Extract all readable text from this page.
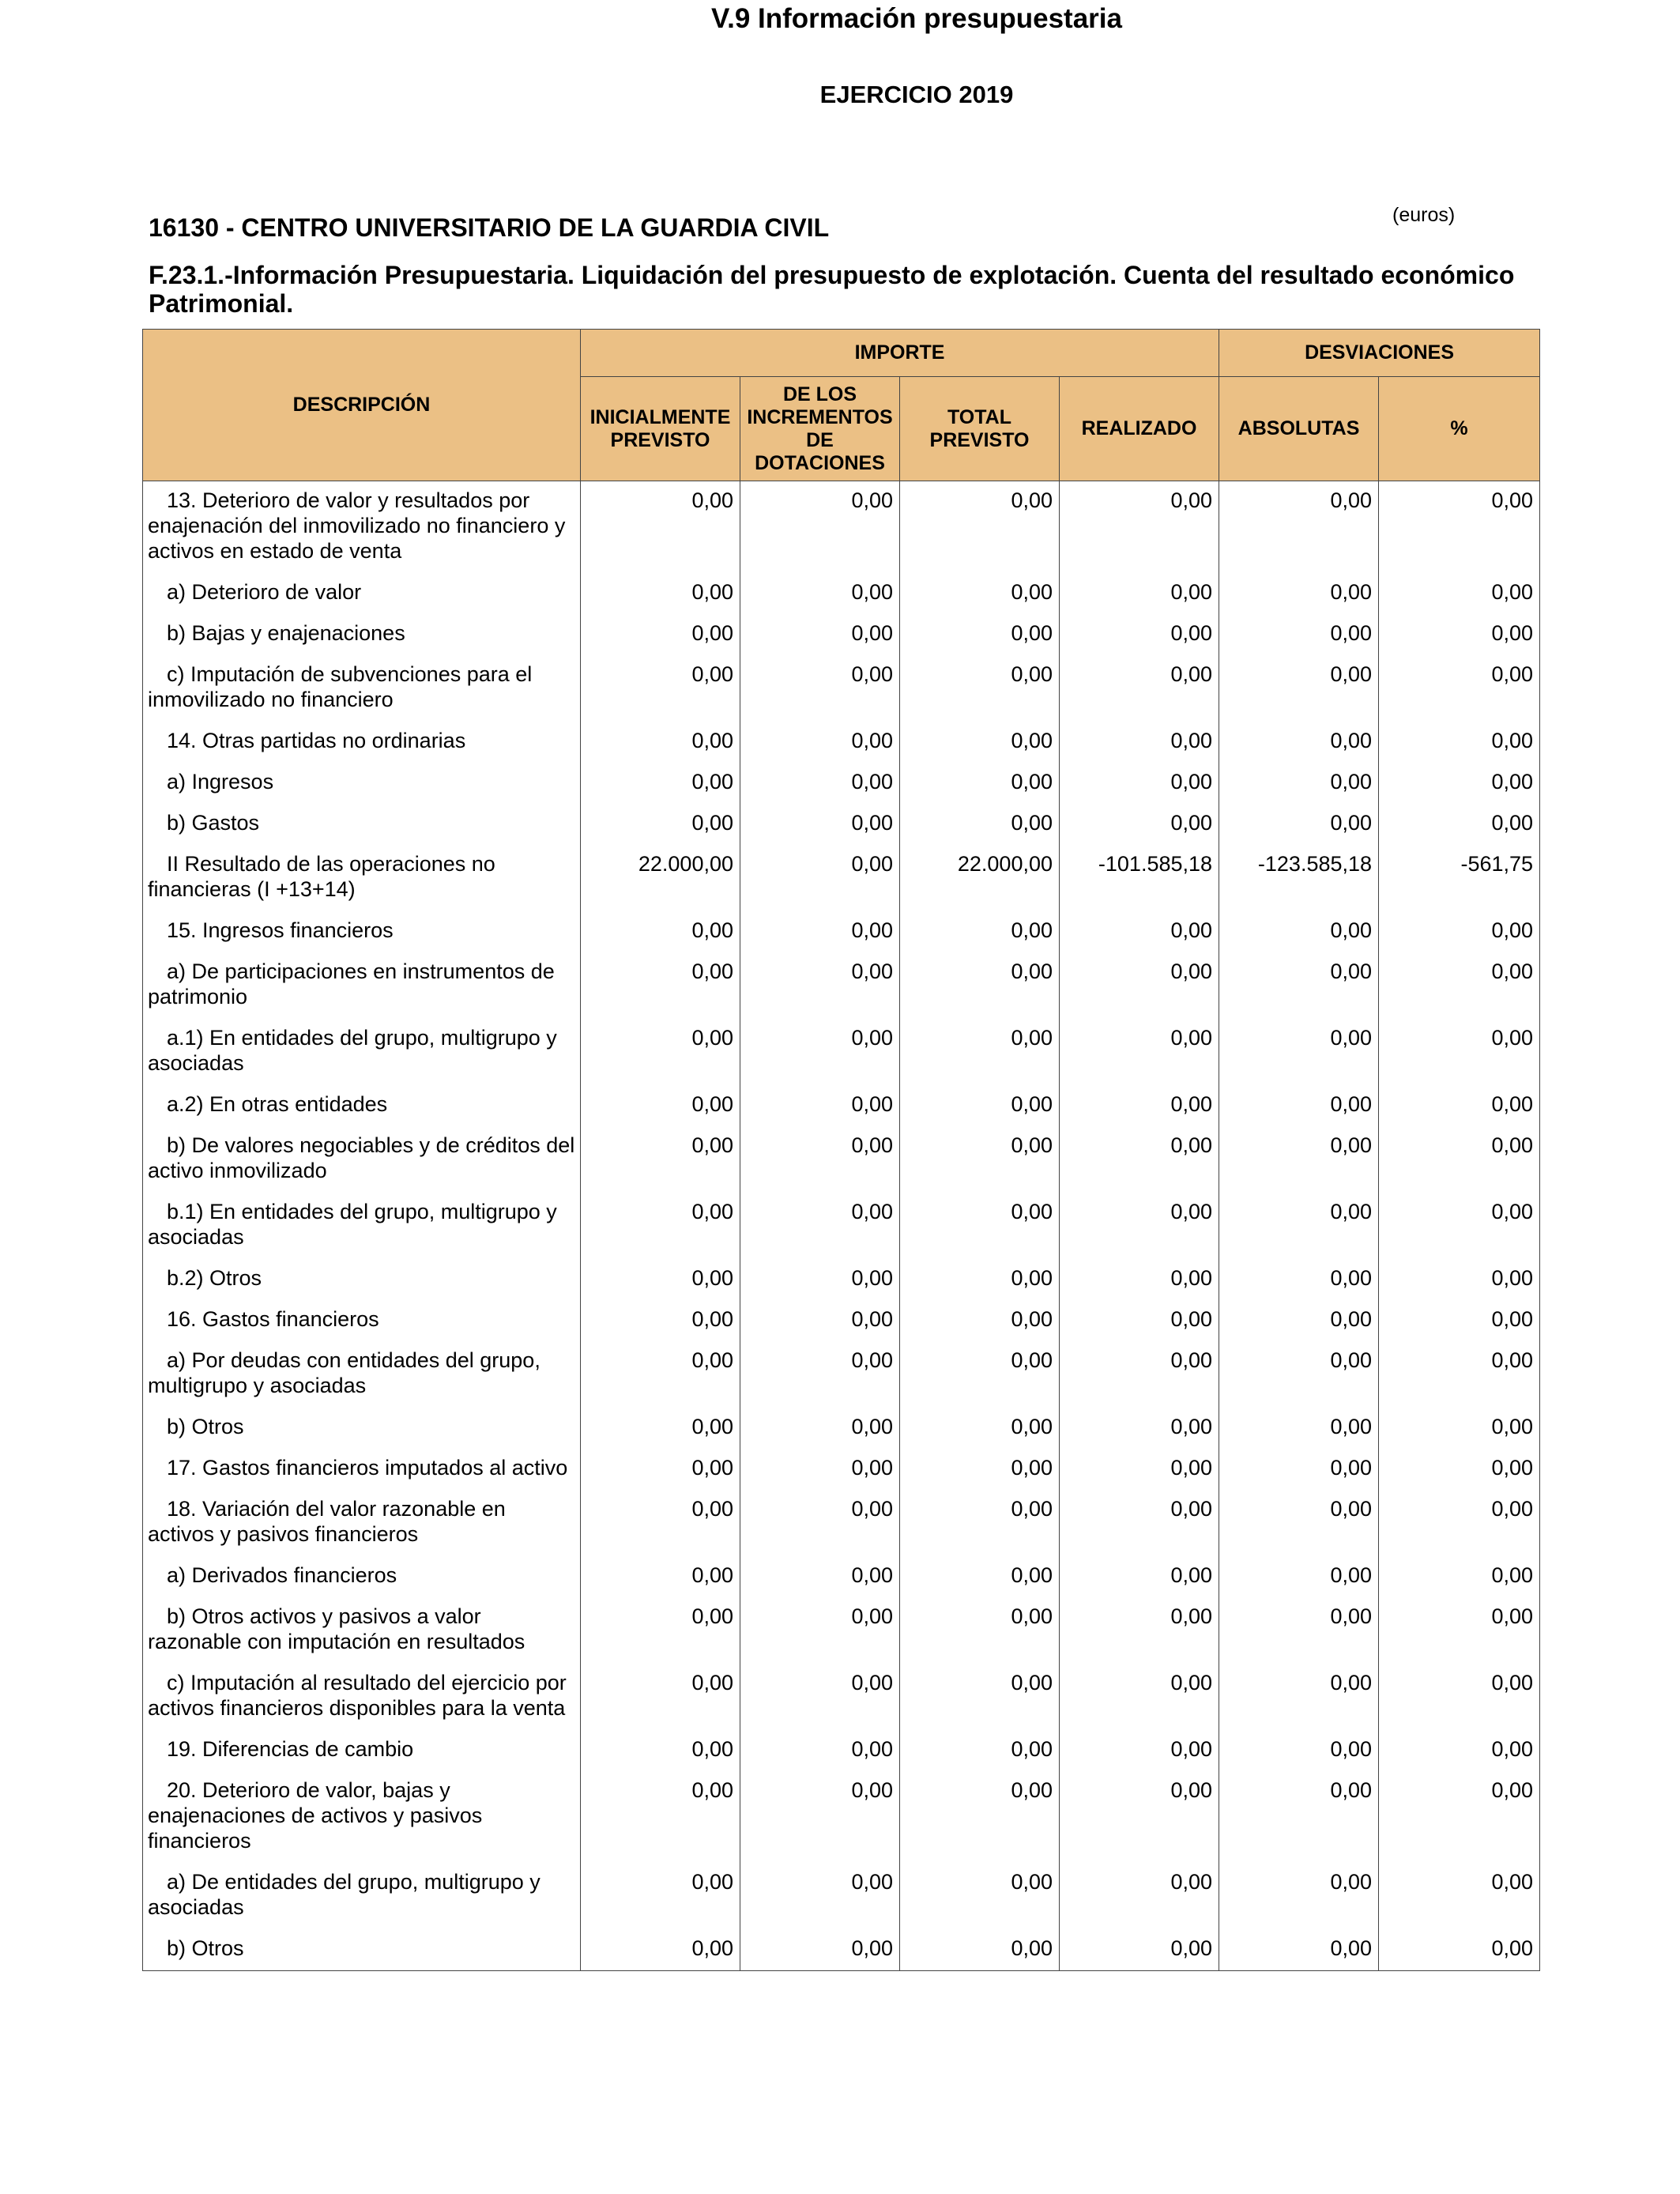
V.9 Información presupuestaria
EJERCICIO 2019
(euros)
16130 - CENTRO UNIVERSITARIO DE LA GUARDIA CIVIL
F.23.1.-Información Presupuestaria. Liquidación del presupuesto de explotación. Cuenta del resultado económico Patrimonial.
DESCRIPCIÓN	IMPORTE				DESVIACIONES	
	INICIALMENTE PREVISTO	DE LOS INCREMENTOS DE DOTACIONES	TOTAL PREVISTO	REALIZADO	ABSOLUTAS	%
13. Deterioro de valor y resultados por enajenación del inmovilizado no financiero y activos en estado de venta	0,00	0,00	0,00	0,00	0,00	0,00
a) Deterioro de valor	0,00	0,00	0,00	0,00	0,00	0,00
b) Bajas y enajenaciones	0,00	0,00	0,00	0,00	0,00	0,00
c) Imputación de subvenciones para el inmovilizado no financiero	0,00	0,00	0,00	0,00	0,00	0,00
14. Otras partidas no ordinarias	0,00	0,00	0,00	0,00	0,00	0,00
a) Ingresos	0,00	0,00	0,00	0,00	0,00	0,00
b) Gastos	0,00	0,00	0,00	0,00	0,00	0,00
II Resultado de las operaciones no financieras (I +13+14)	22.000,00	0,00	22.000,00	-101.585,18	-123.585,18	-561,75
15. Ingresos financieros	0,00	0,00	0,00	0,00	0,00	0,00
a) De participaciones en instrumentos de patrimonio	0,00	0,00	0,00	0,00	0,00	0,00
a.1) En entidades del grupo, multigrupo y asociadas	0,00	0,00	0,00	0,00	0,00	0,00
a.2) En otras entidades	0,00	0,00	0,00	0,00	0,00	0,00
b) De valores negociables y de créditos del activo inmovilizado	0,00	0,00	0,00	0,00	0,00	0,00
b.1) En entidades del grupo, multigrupo y asociadas	0,00	0,00	0,00	0,00	0,00	0,00
b.2) Otros	0,00	0,00	0,00	0,00	0,00	0,00
16. Gastos financieros	0,00	0,00	0,00	0,00	0,00	0,00
a) Por deudas con entidades del grupo, multigrupo y asociadas	0,00	0,00	0,00	0,00	0,00	0,00
b) Otros	0,00	0,00	0,00	0,00	0,00	0,00
17. Gastos financieros imputados al activo	0,00	0,00	0,00	0,00	0,00	0,00
18. Variación del valor razonable en activos y pasivos financieros	0,00	0,00	0,00	0,00	0,00	0,00
a) Derivados financieros	0,00	0,00	0,00	0,00	0,00	0,00
b) Otros activos y pasivos a valor razonable con imputación en resultados	0,00	0,00	0,00	0,00	0,00	0,00
c) Imputación al resultado del ejercicio por activos financieros disponibles para la venta	0,00	0,00	0,00	0,00	0,00	0,00
19. Diferencias de cambio	0,00	0,00	0,00	0,00	0,00	0,00
20. Deterioro de valor, bajas y enajenaciones de activos y pasivos financieros	0,00	0,00	0,00	0,00	0,00	0,00
a) De entidades del grupo, multigrupo y asociadas	0,00	0,00	0,00	0,00	0,00	0,00
b) Otros	0,00	0,00	0,00	0,00	0,00	0,00
